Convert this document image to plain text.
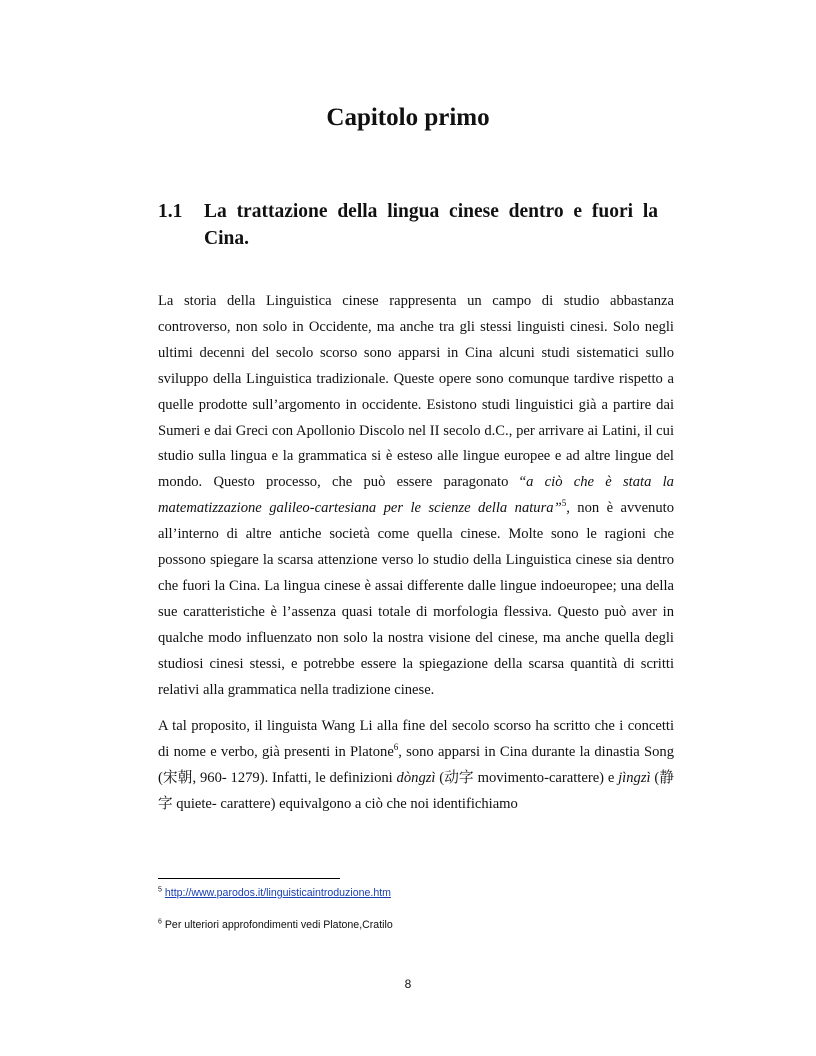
Capitolo primo
1.1 La trattazione della lingua cinese dentro e fuori la Cina.

La storia della Linguistica cinese rappresenta un campo di studio abbastanza controverso, non solo in Occidente, ma anche tra gli stessi linguisti cinesi. Solo negli ultimi decenni del secolo scorso sono apparsi in Cina alcuni studi sistematici sullo sviluppo della Linguistica tradizionale. Queste opere sono comunque tardive rispetto a quelle prodotte sull’argomento in occidente. Esistono studi linguistici già a partire dai Sumeri e dai Greci con Apollonio Discolo nel II secolo d.C., per arrivare ai Latini, il cui studio sulla lingua e la grammatica si è esteso alle lingue europee e ad altre lingue del mondo. Questo processo, che può essere paragonato “a ciò che è stata la matematizzazione galileo-cartesiana per le scienze della natura”$^5$, non è avvenuto all’interno di altre antiche società come quella cinese. Molte sono le ragioni che possono spiegare la scarsa attenzione verso lo studio della Linguistica cinese sia dentro che fuori la Cina. La lingua cinese è assai differente dalle lingue indoeuropee; una della sue caratteristiche è l’assenza quasi totale di morfologia flessiva. Questo può aver in qualche modo influenzato non solo la nostra visione del cinese, ma anche quella degli studiosi cinesi stessi, e potrebbe essere la spiegazione della scarsa quantità di scritti relativi alla grammatica nella tradizione cinese.

A tal proposito, il linguista Wang Li alla fine del secolo scorso ha scritto che i concetti di nome e verbo, già presenti in Platone$^6$, sono apparsi in Cina durante la dinastia Song (宋朝, 960- 1279). Infatti, le definizioni dòngzì (动字 movimento-carattere) e jìngzì (静字 quiete- carattere) equivalgono a ciò che noi identifichiamo

$^5$ http://www.parodos.it/linguisticaintroduzione.htm

$^6$ Per ulteriori approfondimenti vedi Platone,Cratilo

8
